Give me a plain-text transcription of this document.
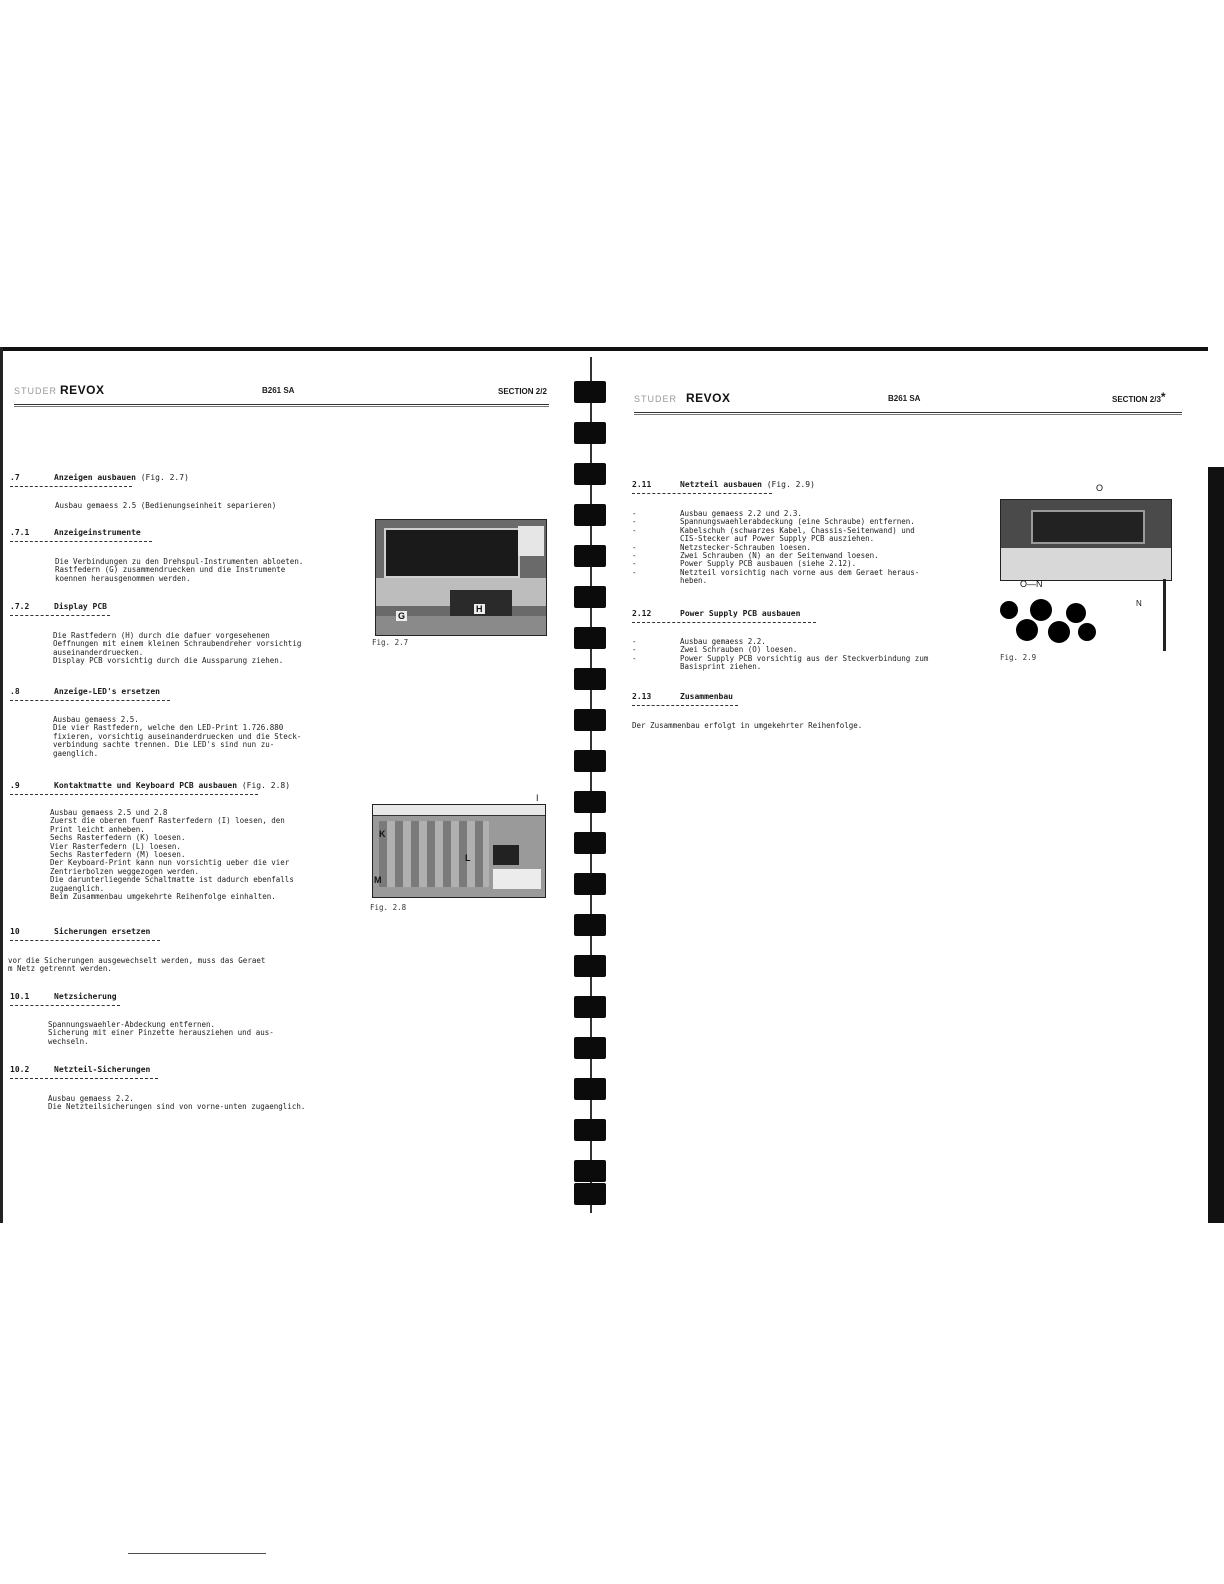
STUDER REVOX	B261 SA	SECTION 2/2
.7	Anzeigen ausbauen (Fig. 2.7)
Ausbau gemaess 2.5 (Bedienungseinheit separieren)
.7.1	Anzeigeinstrumente
Die Verbindungen zu den Drehspul-Instrumenten abloeten.
Rastfedern (G) zusammendruecken und die Instrumente
koennen herausgenommen werden.
.7.2	Display PCB
Die Rastfedern (H) durch die dafuer vorgesehenen
Oeffnungen mit einem kleinen Schraubendreher vorsichtig
auseinanderdruecken.
Display PCB vorsichtig durch die Aussparung ziehen.
.8	Anzeige-LED's ersetzen
Ausbau gemaess 2.5.
Die vier Rastfedern, welche den LED-Print 1.726.880
fixieren, vorsichtig auseinanderdruecken und die Steck-
verbindung sachte trennen. Die LED's sind nun zu-
gaenglich.
.9	Kontaktmatte und Keyboard PCB ausbauen (Fig. 2.8)
Ausbau gemaess 2.5 und 2.8
Zuerst die oberen fuenf Rasterfedern (I) loesen, den
Print leicht anheben.
Sechs Rasterfedern (K) loesen.
Vier Rasterfedern (L) loesen.
Sechs Rasterfedern (M) loesen.
Der Keyboard-Print kann nun vorsichtig ueber die vier
Zentrierbolzen weggezogen werden.
Die darunterliegende Schaltmatte ist dadurch ebenfalls
zugaenglich.
Beim Zusammenbau umgekehrte Reihenfolge einhalten.
10	Sicherungen ersetzen
vor die Sicherungen ausgewechselt werden, muss das Geraet
m Netz getrennt werden.
10.1	Netzsicherung
Spannungswaehler-Abdeckung entfernen.
Sicherung mit einer Pinzette herausziehen und aus-
wechseln.
10.2	Netzteil-Sicherungen
Ausbau gemaess 2.2.
Die Netzteilsicherungen sind von vorne-unten zugaenglich.
G
H
Fig. 2.7
K
L
M
I
Fig. 2.8
STUDER REVOX	B261 SA	SECTION 2/3*
2.11	Netzteil ausbauen (Fig. 2.9)
-
-
-

-
-
-
-
Ausbau gemaess 2.2 und 2.3.
Spannungswaehlerabdeckung (eine Schraube) entfernen.
Kabelschuh (schwarzes Kabel, Chassis-Seitenwand) und
CIS-Stecker auf Power Supply PCB ausziehen.
Netzstecker-Schrauben loesen.
Zwei Schrauben (N) an der Seitenwand loesen.
Power Supply PCB ausbauen (siehe 2.12).
Netzteil vorsichtig nach vorne aus dem Geraet heraus-
heben.
2.12	Power Supply PCB ausbauen
-
-
-
Ausbau gemaess 2.2.
Zwei Schrauben (O) loesen.
Power Supply PCB vorsichtig aus der Steckverbindung zum
Basisprint ziehen.
2.13	Zusammenbau
Der Zusammenbau erfolgt in umgekehrter Reihenfolge.
O
O—N
N
Fig. 2.9
